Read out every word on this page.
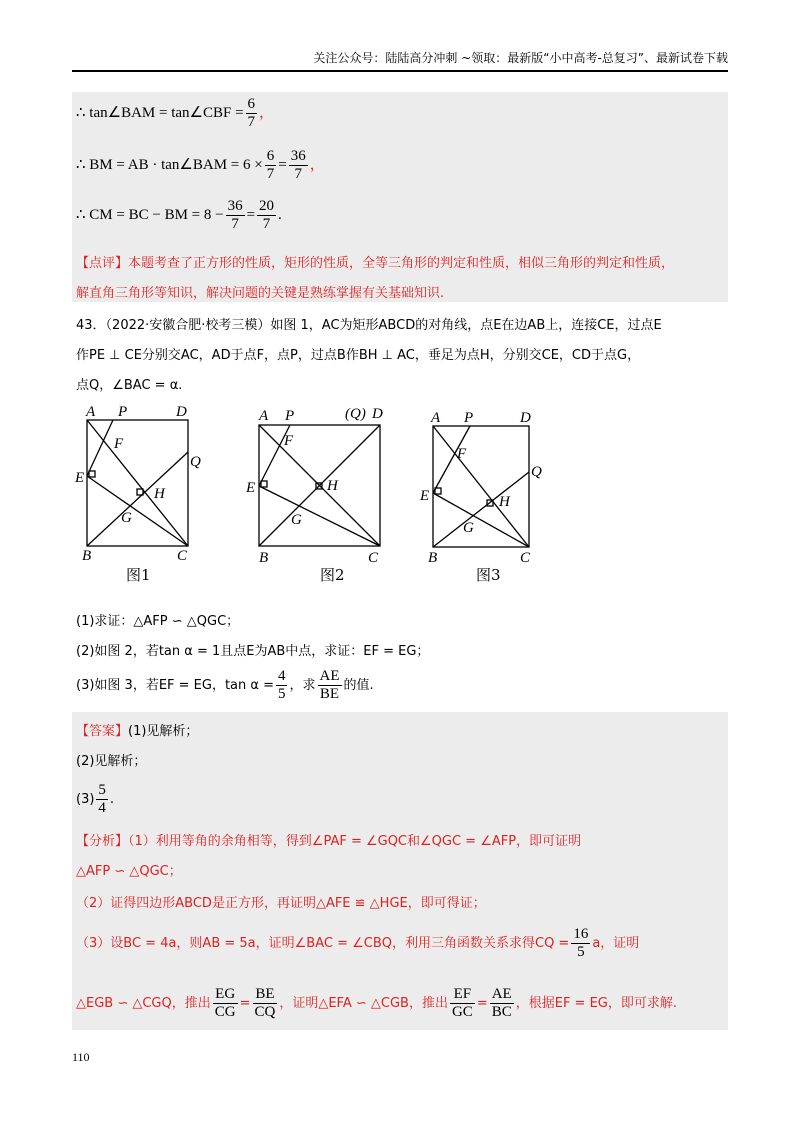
关注公众号：陆陆高分冲刺 ~领取：最新版“小中高考-总复习”、最新试卷下载
∴ tan∠BAM = tan∠CBF = $\frac{6}{7}$ ，
∴ BM = AB · tan∠BAM = $6 \times \frac{6}{7} = \frac{36}{7}$ ，
∴ CM = BC − BM = $8 - \frac{36}{7} = \frac{20}{7}$ .
【点评】本题考查了正方形的性质，矩形的性质，全等三角形的判定和性质，相似三角形的判定和性质，
解直角三角形等知识，解决问题的关键是熟练掌握有关基础知识.
43．（2022·安徽合肥·校考三模）如图 1，AC为矩形ABCD的对角线，点E在边AB上，连接CE，过点E
作PE ⊥ CE分别交AC，AD于点F，点P，过点B作BH ⊥ AC，垂足为点H，分别交CE，CD于点G，
点Q，∠BAC = α.
A P	D
F
E
Q
H
G
B	C
图1
A P	(Q) D
F
E	H
G
B	C
图2
A P	D
F
E
Q
H
G
B	C
图3
(1)求证：△AFP ∽ △QGC；
(2)如图 2，若tan α = 1且点E为AB中点，求证：EF = EG；
(3)如图 3，若EF = EG，$\tan \alpha = \frac{4}{5}$ ，求 $\frac{AE}{BE}$ 的值.
【答案】(1)见解析；
(2)见解析；
$(3) \frac{5}{4}$ .
【分析】（1）利用等角的余角相等，得到∠PAF = ∠GQC和∠QGC = ∠AFP，即可证明
△AFP ∽ △QGC；
（2）证得四边形ABCD是正方形，再证明△AFE ≌ △HGE，即可得证；
（3）设BC = 4a，则AB = 5a，证明∠BAC = ∠CBQ，利用三角函数关系求得CQ = $\frac{16}{5}$ a，证明
△EGB ∽ △CGQ，推出 $\frac{EG}{CG} = \frac{BE}{CQ}$ ，证明△EFA ∽ △CGB，推出 $\frac{EF}{GC} = \frac{AE}{BC}$ ，根据EF = EG，即可求解.
110
